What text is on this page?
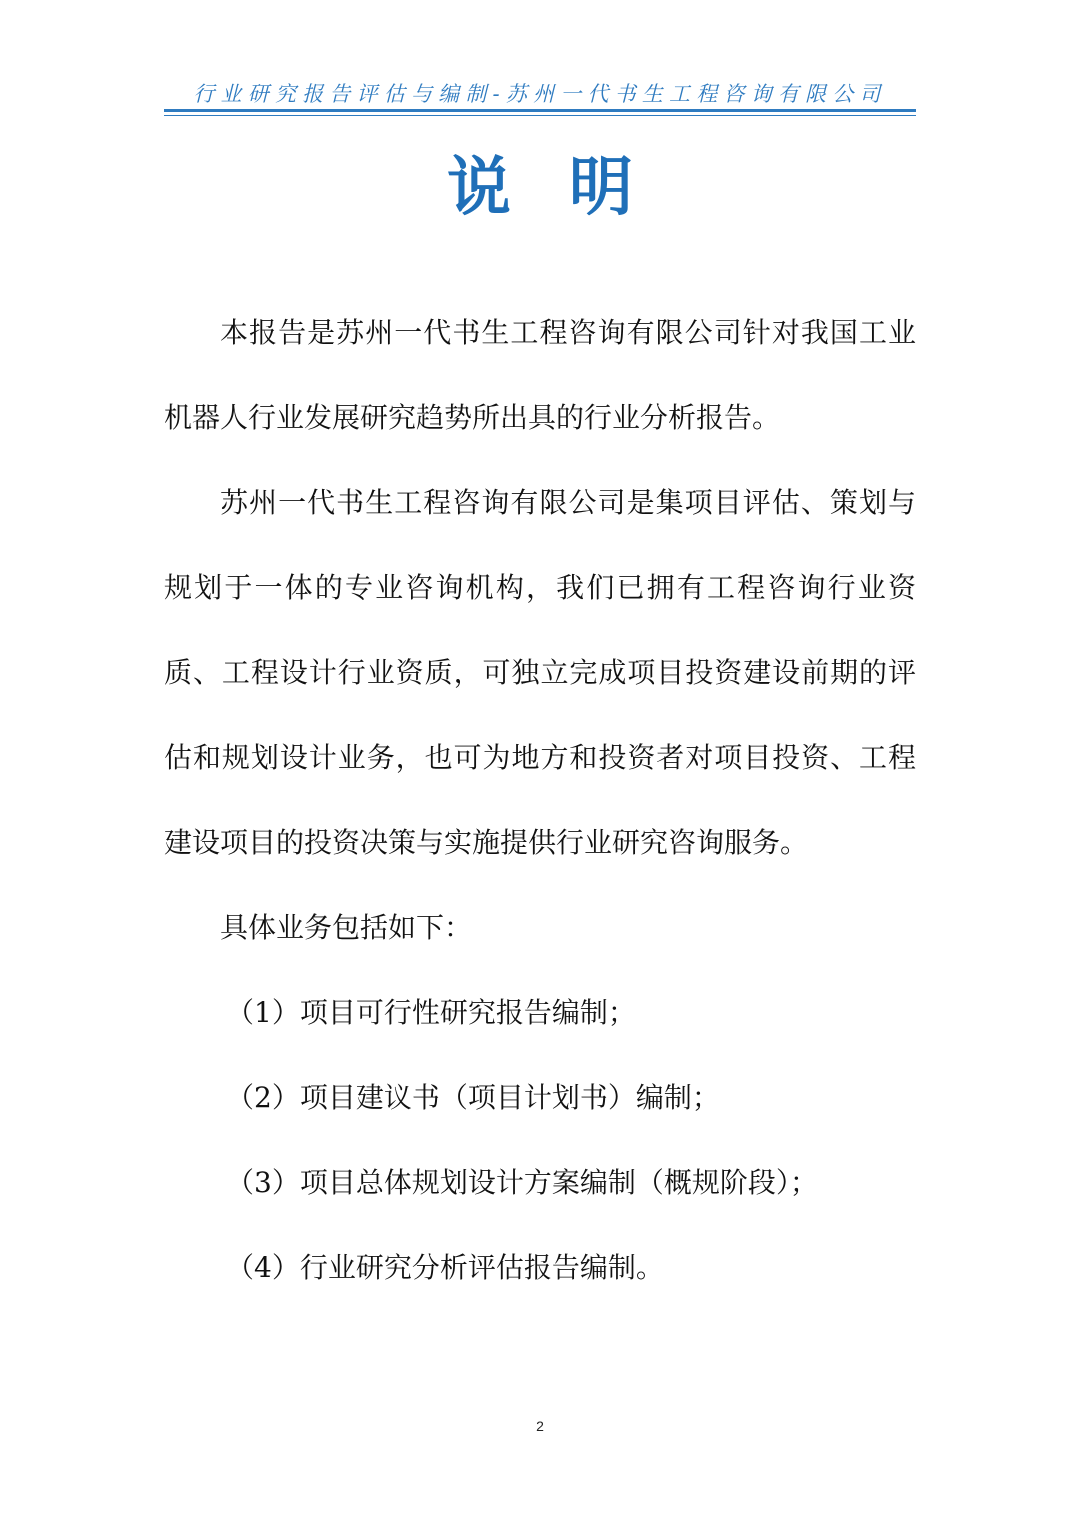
行业研究报告评估与编制-苏州一代书生工程咨询有限公司
说明

本报告是苏州一代书生工程咨询有限公司针对我国工业机器人行业发展研究趋势所出具的行业分析报告。

苏州一代书生工程咨询有限公司是集项目评估、策划与规划于一体的专业咨询机构，我们已拥有工程咨询行业资质、工程设计行业资质，可独立完成项目投资建设前期的评估和规划设计业务，也可为地方和投资者对项目投资、工程建设项目的投资决策与实施提供行业研究咨询服务。

具体业务包括如下：

（1）项目可行性研究报告编制；

（2）项目建议书（项目计划书）编制；

（3）项目总体规划设计方案编制（概规阶段）；

（4）行业研究分析评估报告编制。

2
